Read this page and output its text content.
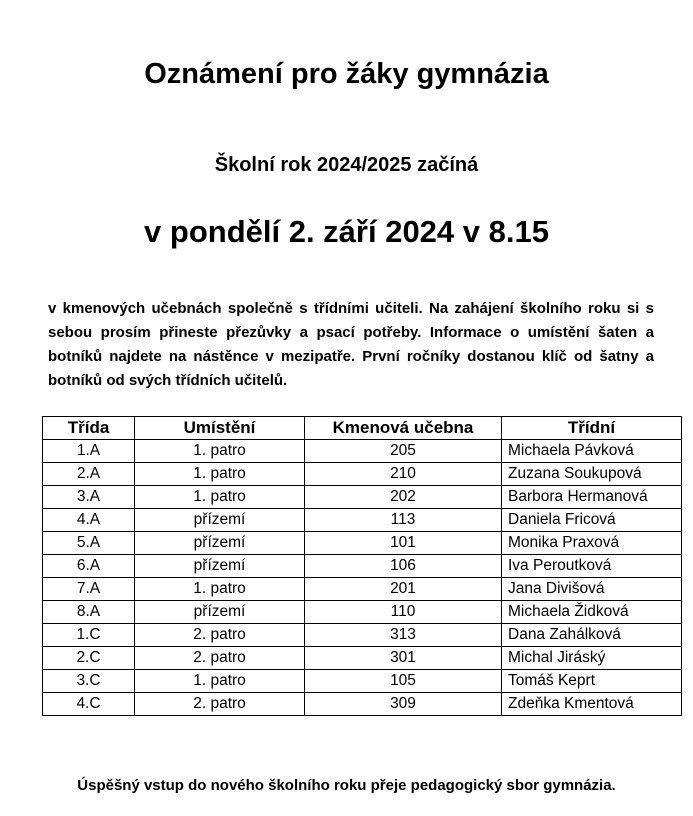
Oznámení pro žáky gymnázia
Školní rok 2024/2025 začíná
v pondělí 2. září 2024 v 8.15
v kmenových učebnách společně s třídními učiteli. Na zahájení školního roku si s sebou prosím přineste přezůvky a psací potřeby. Informace o umístění šaten a botníků najdete na nástěnce v mezipatře. První ročníky dostanou klíč od šatny a botníků od svých třídních učitelů.
Třída	Umístění	Kmenová učebna	Třídní
1.A	1. patro	205	Michaela Pávková
2.A	1. patro	210	Zuzana Soukupová
3.A	1. patro	202	Barbora Hermanová
4.A	přízemí	113	Daniela Fricová
5.A	přízemí	101	Monika Praxová
6.A	přízemí	106	Iva Peroutková
7.A	1. patro	201	Jana Divišová
8.A	přízemí	110	Michaela Židková
1.C	2. patro	313	Dana Zahálková
2.C	2. patro	301	Michal Jiráský
3.C	1. patro	105	Tomáš Keprt
4.C	2. patro	309	Zdeňka Kmentová
Úspěšný vstup do nového školního roku přeje pedagogický sbor gymnázia.
